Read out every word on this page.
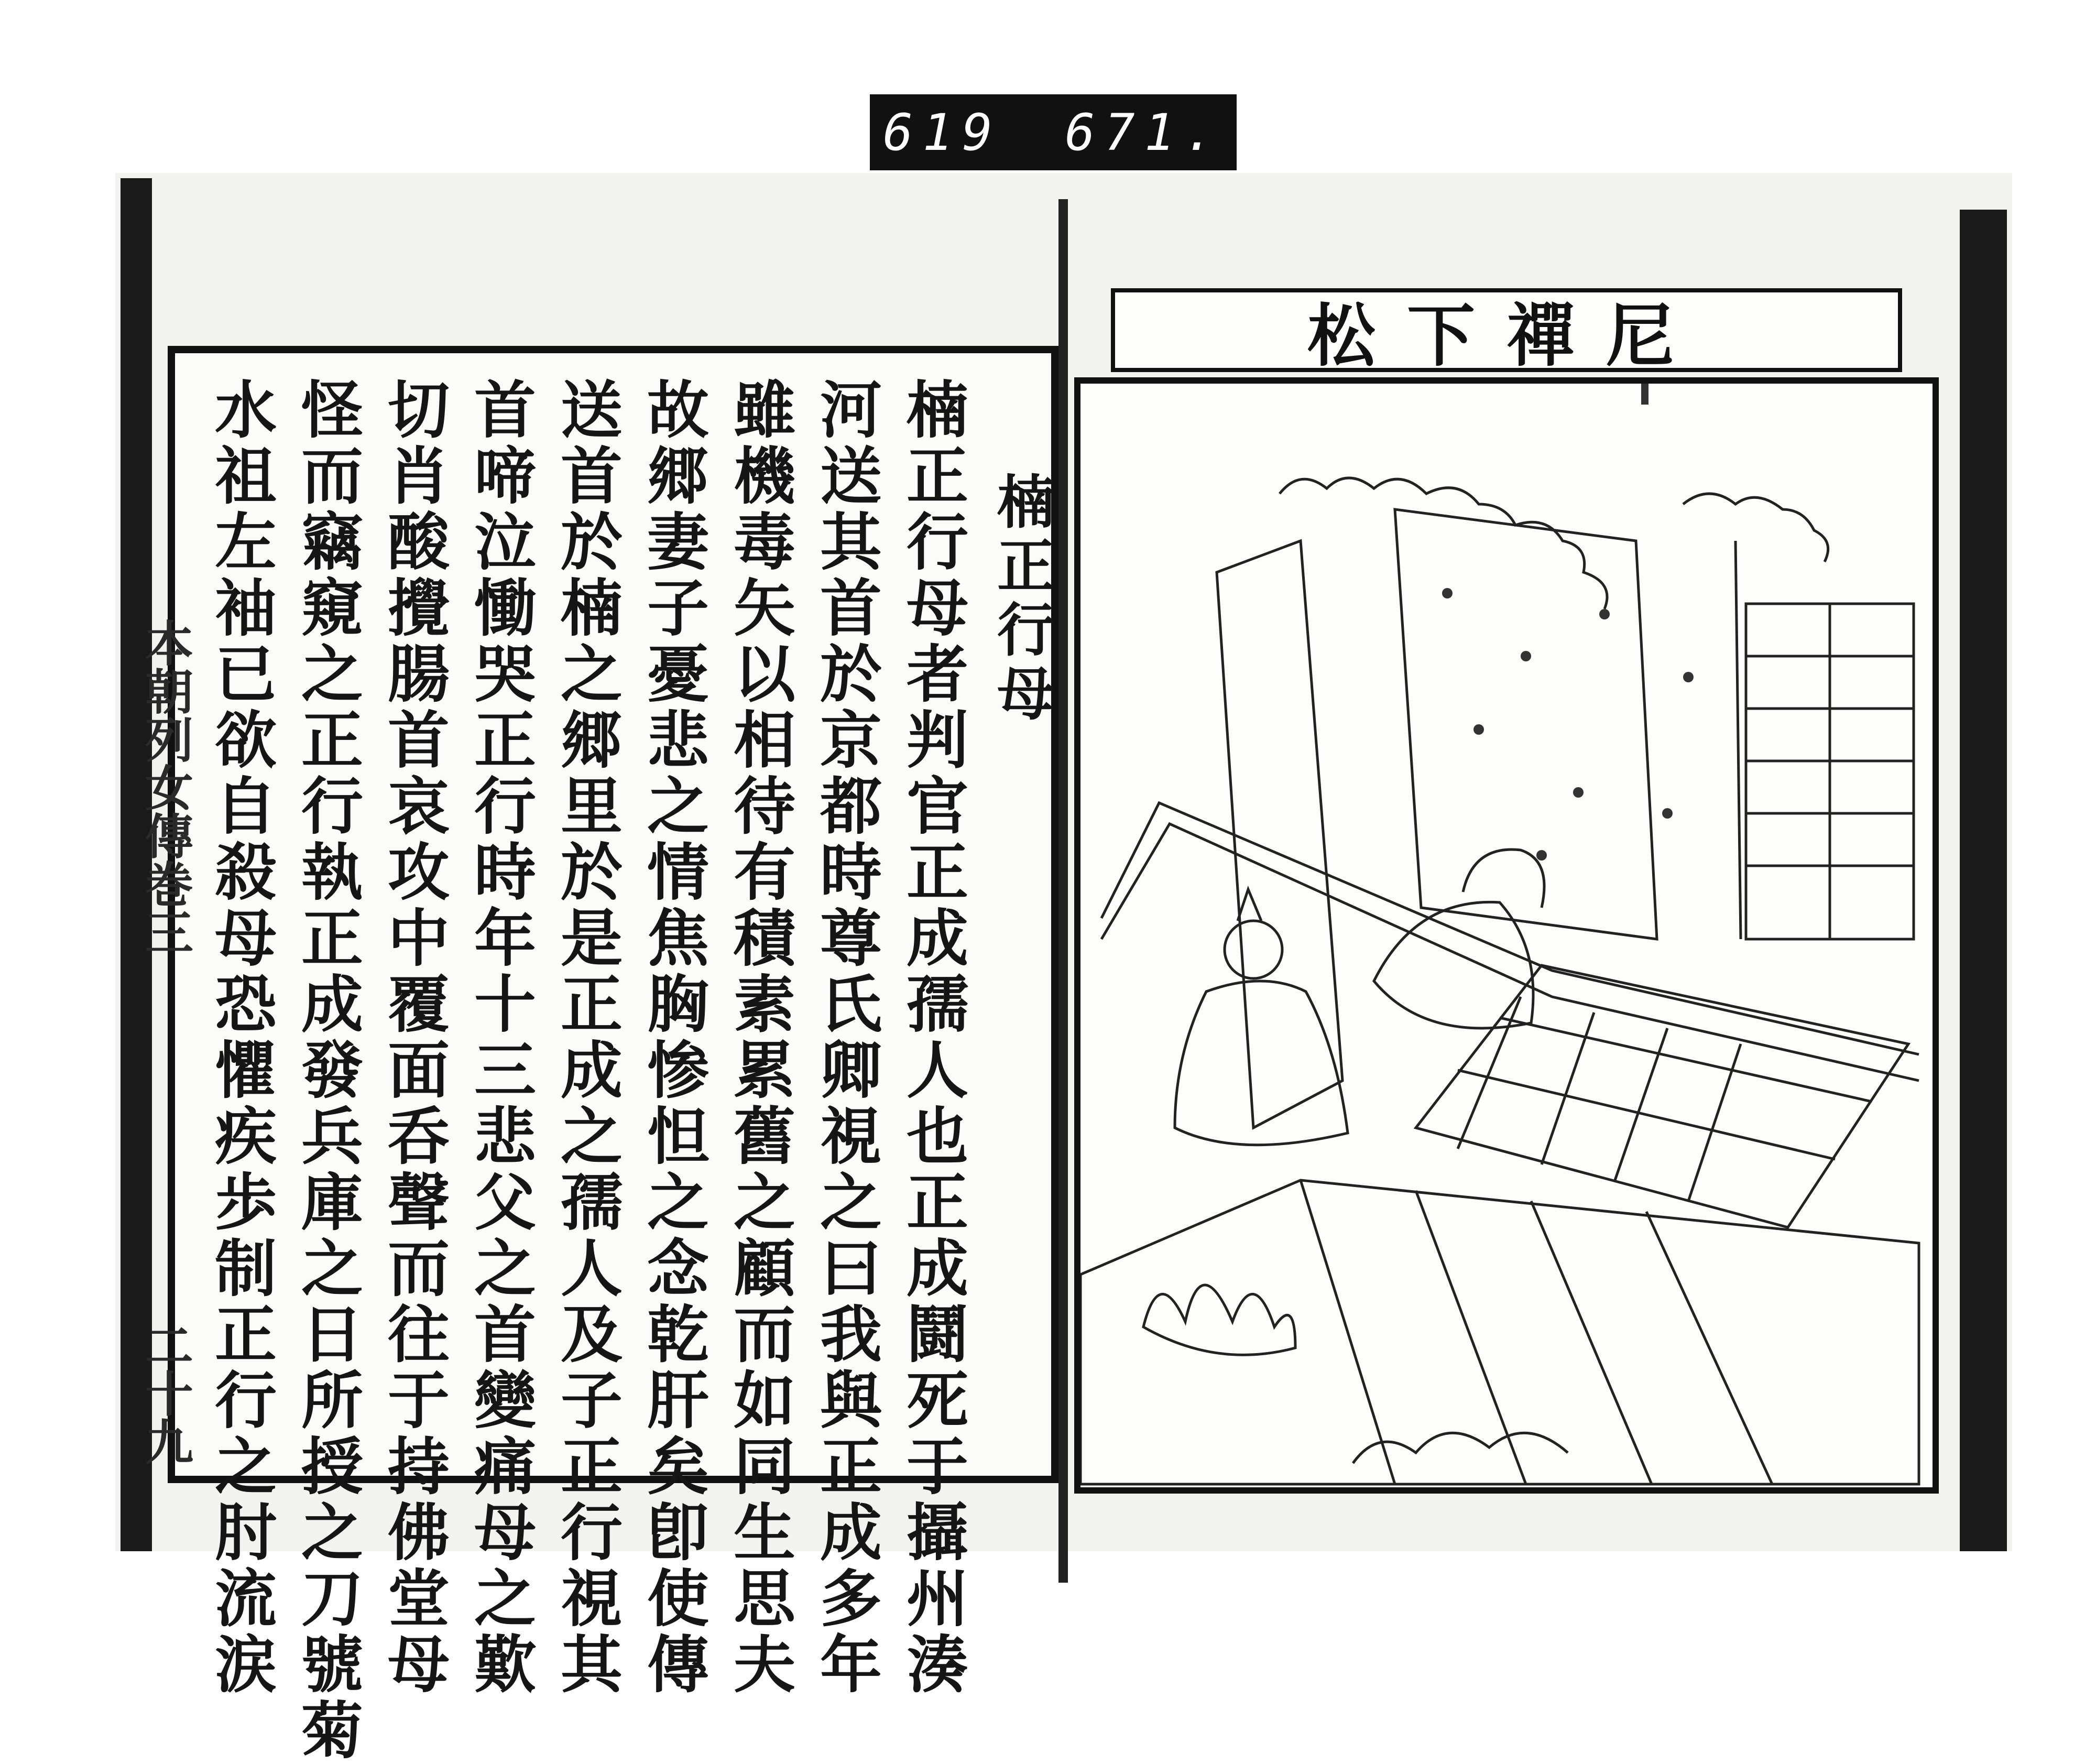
619 671.
本朝列女傳巻三
二十九
楠正行母
楠正行母者判官正成孺人也正成鬪死于攝州湊
河送其首於京都時尊氏卿視之曰我與正成多年
雖機毒矢以相待有積素累舊之顧而如同生思夫
故郷妻子憂悲之情焦胸惨怛之念乾肝矣卽使傳
送首於楠之郷里於是正成之孺人及子正行視其
首啼泣慟哭正行時年十三悲父之首變痛母之歎
切肖酸攪腸首哀攻中覆面呑聲而往于持佛堂母
怪而竊窺之正行執正成發兵庫之日所授之刀號菊
水祖左袖已欲自殺母恐懼疾歩制正行之肘流涙
松下禪尼
